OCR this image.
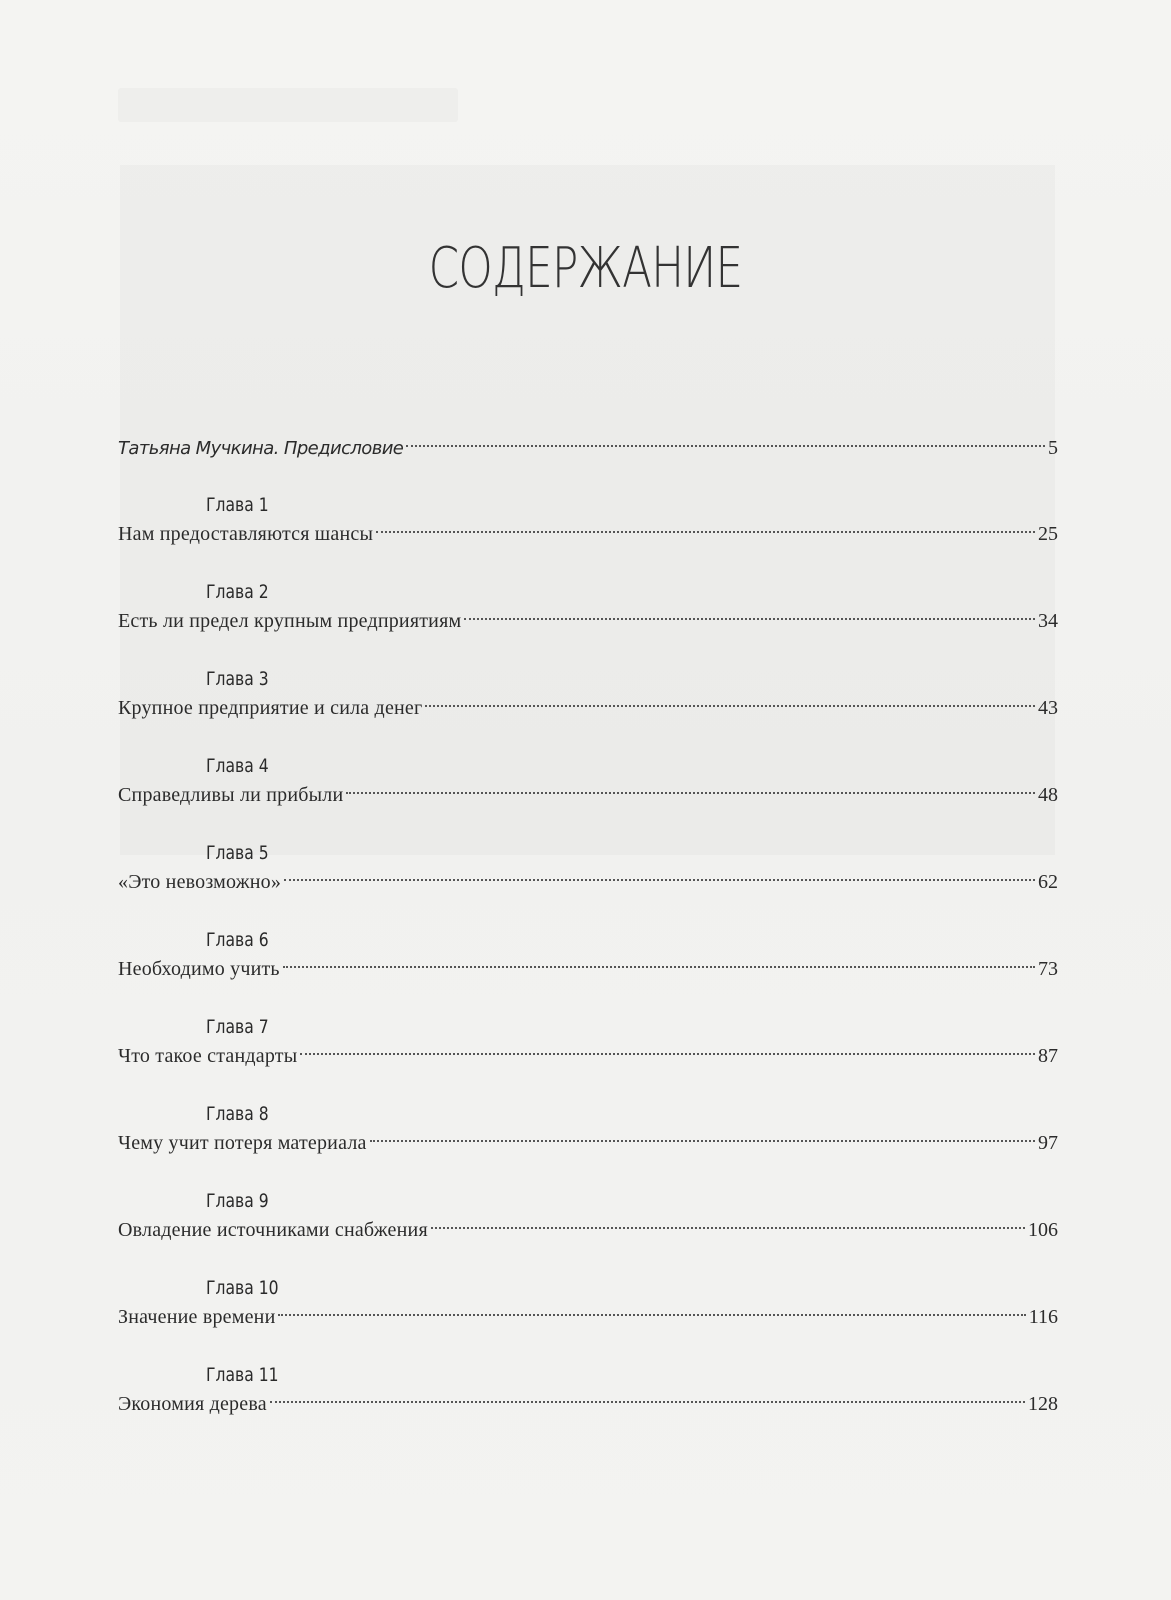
СОДЕРЖАНИЕ
Татьяна Мучкина. Предисловие	5
Глава 1
Нам предоставляются шансы	25
Глава 2
Есть ли предел крупным предприятиям	34
Глава 3
Крупное предприятие и сила денег	43
Глава 4
Справедливы ли прибыли	48
Глава 5
«Это невозможно»	62
Глава 6
Необходимо учить	73
Глава 7
Что такое стандарты	87
Глава 8
Чему учит потеря материала	97
Глава 9
Овладение источниками снабжения	106
Глава 10
Значение времени	116
Глава 11
Экономия дерева	128
